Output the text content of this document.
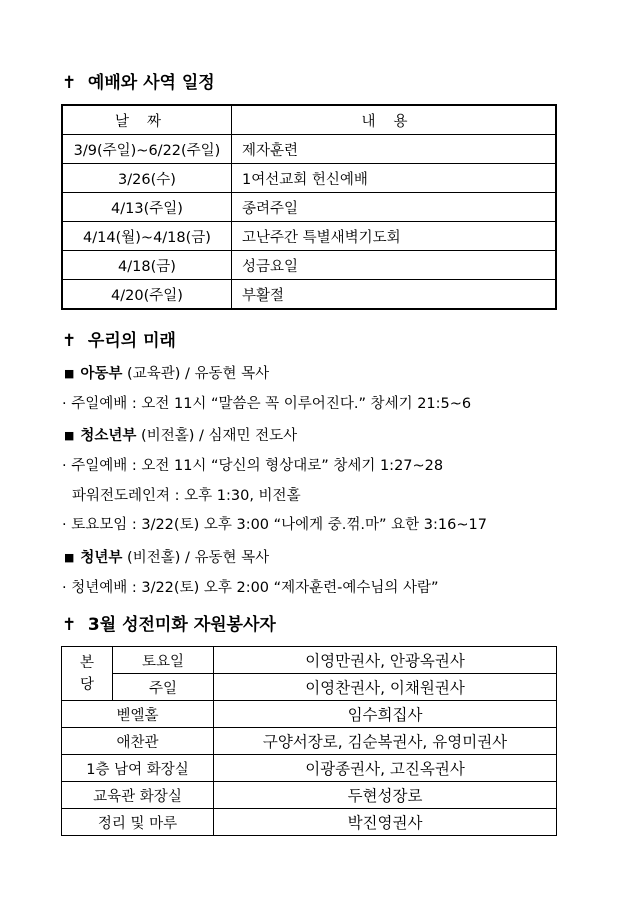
✝ 예배와 사역 일정
날짜	내용
3/9(주일)~6/22(주일)	제자훈련
3/26(수)	1여선교회 헌신예배
4/13(주일)	종려주일
4/14(월)~4/18(금)	고난주간 특별새벽기도회
4/18(금)	성금요일
4/20(주일)	부활절
✝ 우리의 미래
■ 아동부 (교육관) / 유동현 목사
· 주일예배 : 오전 11시 “말씀은 꼭 이루어진다.” 창세기 21:5~6
■ 청소년부 (비전홀) / 심재민 전도사
· 주일예배 : 오전 11시 “당신의 형상대로” 창세기 1:27~28
파워전도레인져 : 오후 1:30, 비전홀
· 토요모임 : 3/22(토) 오후 3:00 “나에게 중.꺾.마” 요한 3:16~17
■ 청년부 (비전홀) / 유동현 목사
· 청년예배 : 3/22(토) 오후 2:00 “제자훈련-예수님의 사람”
✝ 3월 성전미화 자원봉사자
본
당	토요일	이영만권사, 안광옥권사
	주일	이영찬권사, 이채원권사
벧엘홀		임수희집사
애찬관		구양서장로, 김순복권사, 유영미권사
1층 남여 화장실		이광종권사, 고진옥권사
교육관 화장실		두현성장로
정리 및 마루		박진영권사
